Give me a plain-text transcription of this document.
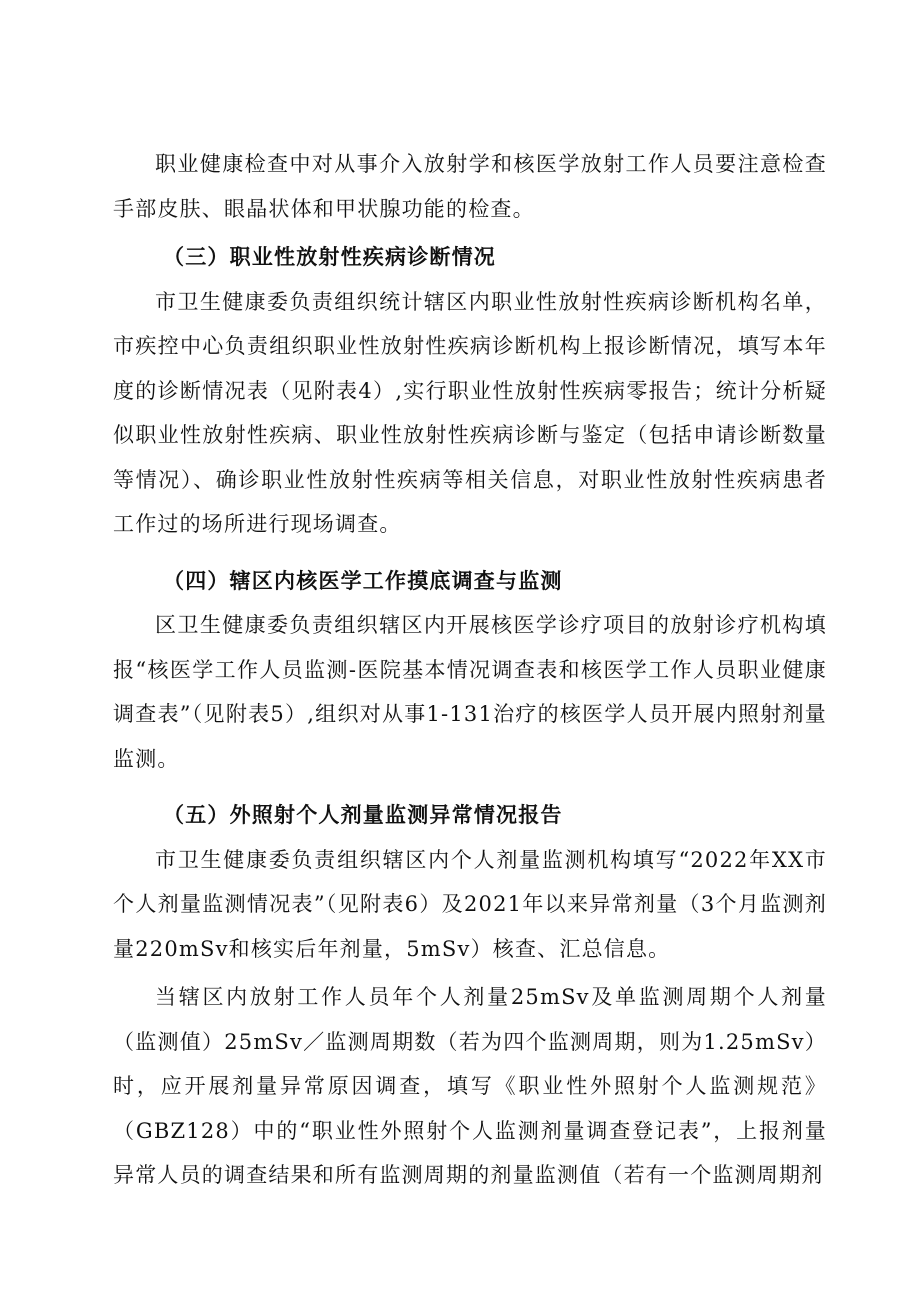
职业健康检查中对从事介入放射学和核医学放射工作人员要注意检查手部皮肤、眼晶状体和甲状腺功能的检查。

（三）职业性放射性疾病诊断情况

市卫生健康委负责组织统计辖区内职业性放射性疾病诊断机构名单，市疾控中心负责组织职业性放射性疾病诊断机构上报诊断情况，填写本年度的诊断情况表（见附表4）,实行职业性放射性疾病零报告；统计分析疑似职业性放射性疾病、职业性放射性疾病诊断与鉴定（包括申请诊断数量等情况）、确诊职业性放射性疾病等相关信息，对职业性放射性疾病患者工作过的场所进行现场调查。

（四）辖区内核医学工作摸底调查与监测

区卫生健康委负责组织辖区内开展核医学诊疗项目的放射诊疗机构填报“核医学工作人员监测-医院基本情况调查表和核医学工作人员职业健康调查表”（见附表5）,组织对从事1-131治疗的核医学人员开展内照射剂量监测。

（五）外照射个人剂量监测异常情况报告

市卫生健康委负责组织辖区内个人剂量监测机构填写“2022年XX市个人剂量监测情况表”（见附表6）及2021年以来异常剂量（3个月监测剂量220mSv和核实后年剂量，5mSv）核查、汇总信息。

当辖区内放射工作人员年个人剂量25mSv及单监测周期个人剂量（监测值）25mSv／监测周期数（若为四个监测周期，则为1.25mSv）时，应开展剂量异常原因调查，填写《职业性外照射个人监测规范》（GBZ128）中的“职业性外照射个人监测剂量调查登记表”，上报剂量异常人员的调查结果和所有监测周期的剂量监测值（若有一个监测周期剂
